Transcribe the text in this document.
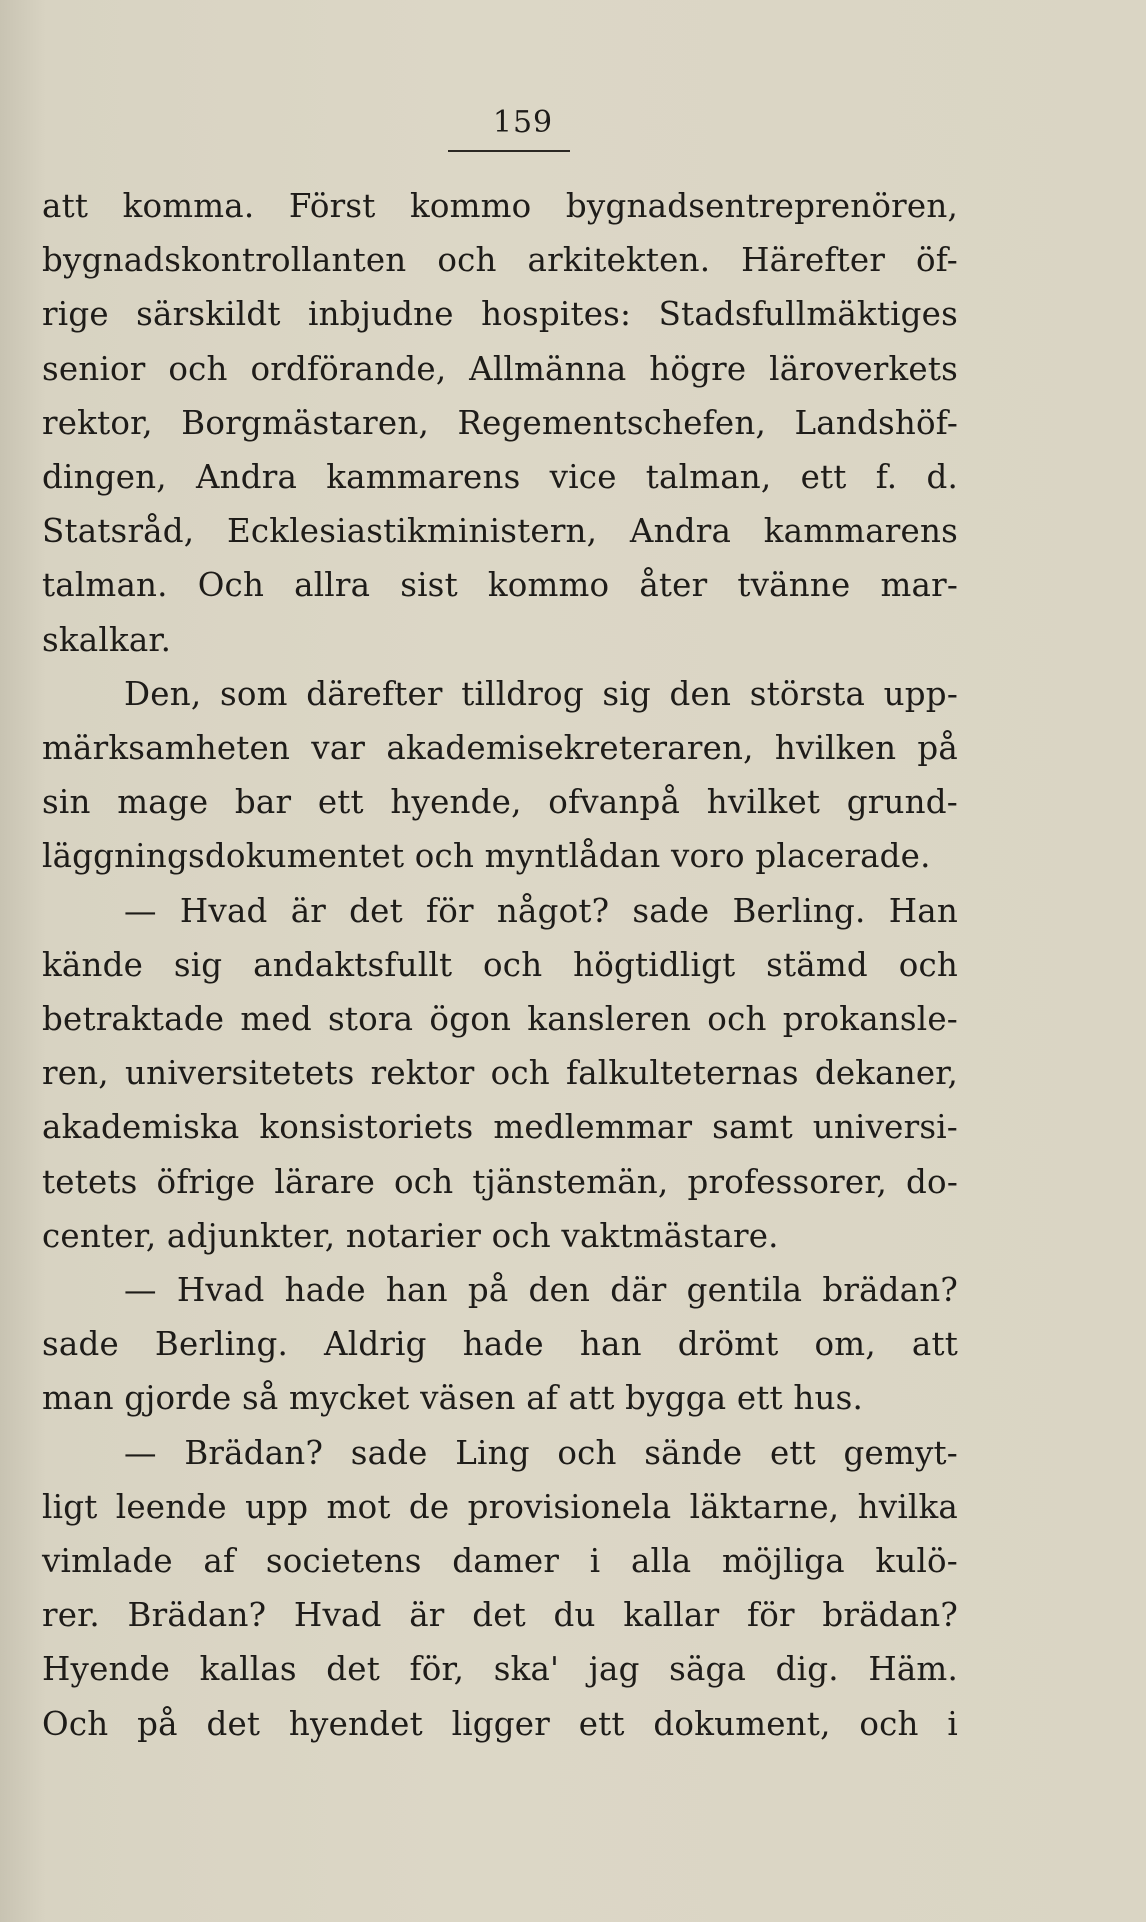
159
att komma. Först kommo bygnadsentreprenören,
bygnadskontrollanten och arkitekten. Härefter öf-
rige särskildt inbjudne hospites: Stadsfullmäktiges
senior och ordförande, Allmänna högre läroverkets
rektor, Borgmästaren, Regementschefen, Landshöf-
dingen, Andra kammarens vice talman, ett f. d.
Statsråd, Ecklesiastikministern, Andra kammarens
talman. Och allra sist kommo åter tvänne mar-
skalkar.
Den, som därefter tilldrog sig den största upp-
märksamheten var akademisekreteraren, hvilken på
sin mage bar ett hyende, ofvanpå hvilket grund-
läggningsdokumentet och myntlådan voro placerade.
— Hvad är det för något? sade Berling. Han
kände sig andaktsfullt och högtidligt stämd och
betraktade med stora ögon kansleren och prokansle-
ren, universitetets rektor och falkulteternas dekaner,
akademiska konsistoriets medlemmar samt universi-
tetets öfrige lärare och tjänstemän, professorer, do-
center, adjunkter, notarier och vaktmästare.
— Hvad hade han på den där gentila brädan?
sade Berling. Aldrig hade han drömt om, att
man gjorde så mycket väsen af att bygga ett hus.
— Brädan? sade Ling och sände ett gemyt-
ligt leende upp mot de provisionela läktarne, hvilka
vimlade af societens damer i alla möjliga kulö-
rer. Brädan? Hvad är det du kallar för brädan?
Hyende kallas det för, ska' jag säga dig. Häm.
Och på det hyendet ligger ett dokument, och i
